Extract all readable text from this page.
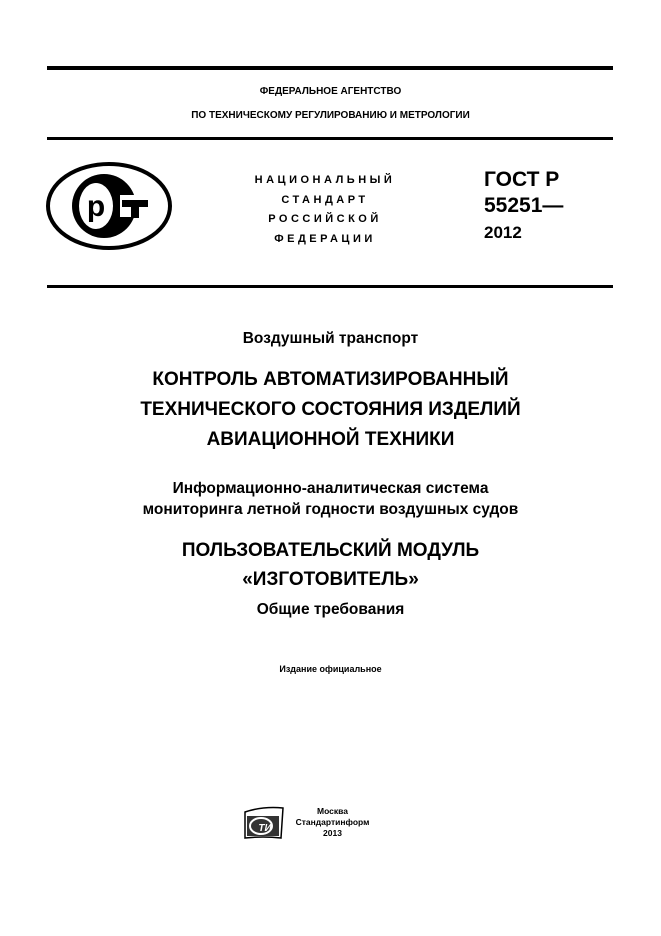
ФЕДЕРАЛЬНОЕ АГЕНТСТВО
ПО ТЕХНИЧЕСКОМУ РЕГУЛИРОВАНИЮ И МЕТРОЛОГИИ
р
НАЦИОНАЛЬНЫЙ
СТАНДАРТ
РОССИЙСКОЙ
ФЕДЕРАЦИИ
ГОСТ Р
55251—
2012
Воздушный транспорт
КОНТРОЛЬ АВТОМАТИЗИРОВАННЫЙ
ТЕХНИЧЕСКОГО СОСТОЯНИЯ ИЗДЕЛИЙ
АВИАЦИОННОЙ ТЕХНИКИ
Информационно-аналитическая система
мониторинга летной годности воздушных судов
ПОЛЬЗОВАТЕЛЬСКИЙ МОДУЛЬ
«ИЗГОТОВИТЕЛЬ»
Общие требования
Издание официальное
ТИ
Москва
Стандартинформ
2013
